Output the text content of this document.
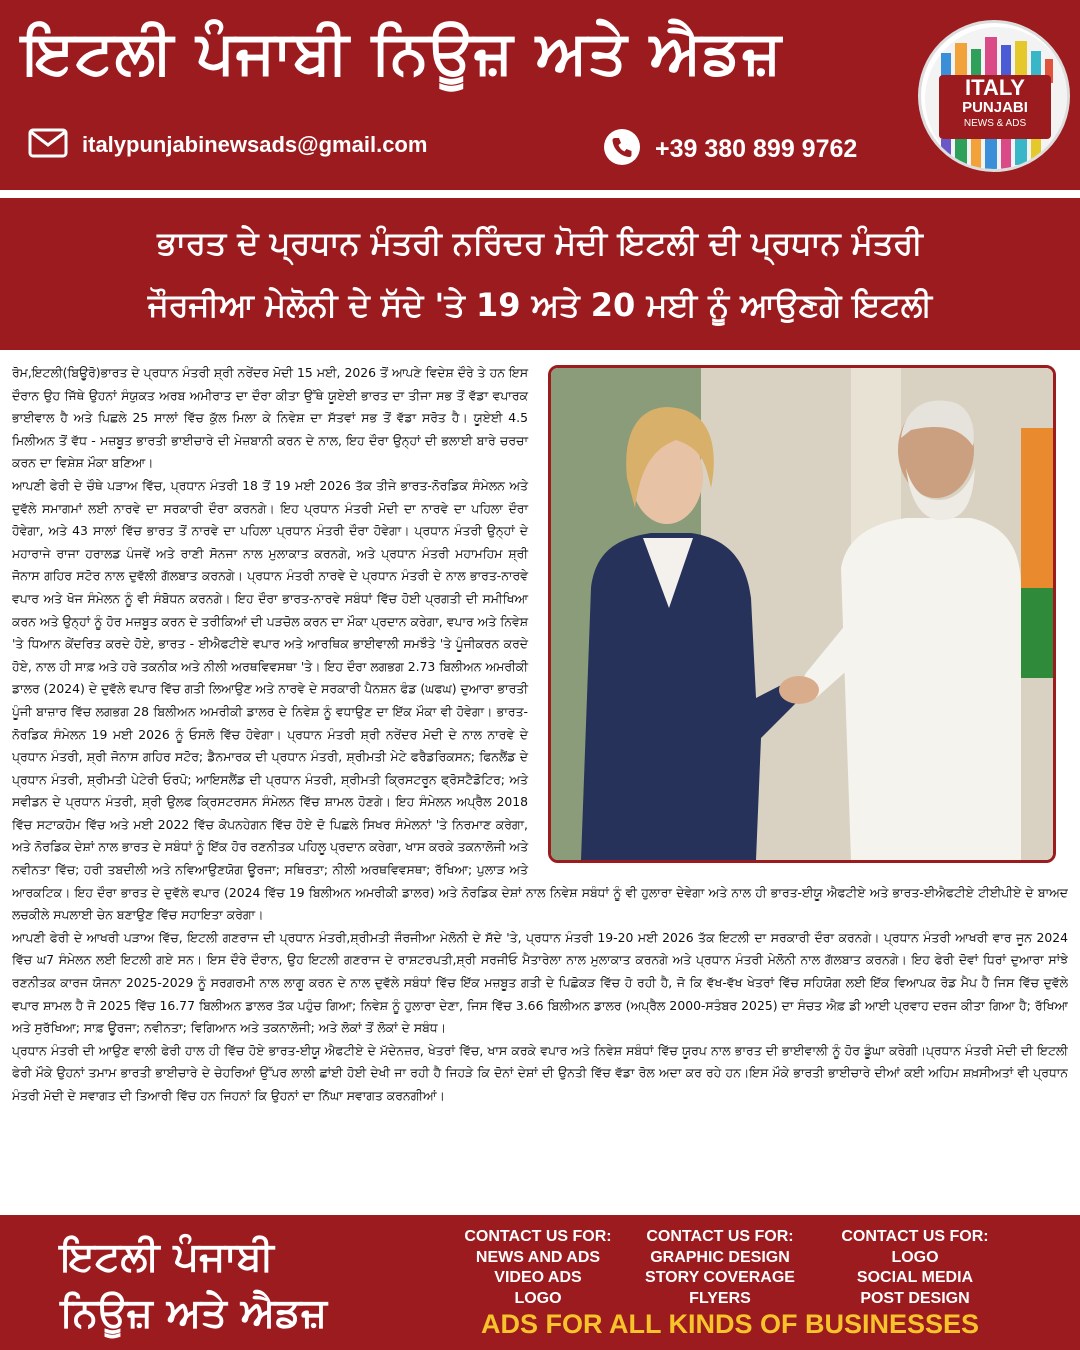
ਇਟਲੀ ਪੰਜਾਬੀ ਨਿਊਜ਼ ਅਤੇ ਐਡਜ਼
italypunjabinewsads@gmail.com	+39 380 899 9762
ITALY
PUNJABI
NEWS & ADS
ਭਾਰਤ ਦੇ ਪ੍ਰਧਾਨ ਮੰਤਰੀ ਨਰਿੰਦਰ ਮੋਦੀ ਇਟਲੀ ਦੀ ਪ੍ਰਧਾਨ ਮੰਤਰੀ
ਜੌਰਜੀਆ ਮੇਲੋਨੀ ਦੇ ਸੱਦੇ 'ਤੇ 19 ਅਤੇ 20 ਮਈ ਨੂੰ ਆਉਣਗੇ ਇਟਲੀ

ਰੋਮ,ਇਟਲੀ(ਬਿਊਰੋ)ਭਾਰਤ ਦੇ ਪ੍ਰਧਾਨ ਮੰਤਰੀ ਸ਼੍ਰੀ ਨਰੇਂਦਰ ਮੋਦੀ 15 ਮਈ, 2026 ਤੋਂ ਆਪਣੇ ਵਿਦੇਸ਼ ਦੌਰੇ ਤੇ ਹਨ ਇਸ ਦੌਰਾਨ ਉਹ ਜਿੱਥੇ ਉਹਨਾਂ ਸੰਯੁਕਤ ਅਰਬ ਅਮੀਰਾਤ ਦਾ ਦੌਰਾ ਕੀਤਾ ਉੱਥੇ ਯੂਏਈ ਭਾਰਤ ਦਾ ਤੀਜਾ ਸਭ ਤੋਂ ਵੱਡਾ ਵਪਾਰਕ ਭਾਈਵਾਲ ਹੈ ਅਤੇ ਪਿਛਲੇ 25 ਸਾਲਾਂ ਵਿੱਚ ਕੁੱਲ ਮਿਲਾ ਕੇ ਨਿਵੇਸ਼ ਦਾ ਸੱਤਵਾਂ ਸਭ ਤੋਂ ਵੱਡਾ ਸਰੋਤ ਹੈ। ਯੂਏਈ 4.5 ਮਿਲੀਅਨ ਤੋਂ ਵੱਧ - ਮਜ਼ਬੂਤ ਭਾਰਤੀ ਭਾਈਚਾਰੇ ਦੀ ਮੇਜ਼ਬਾਨੀ ਕਰਨ ਦੇ ਨਾਲ, ਇਹ ਦੌਰਾ ਉਨ੍ਹਾਂ ਦੀ ਭਲਾਈ ਬਾਰੇ ਚਰਚਾ ਕਰਨ ਦਾ ਵਿਸ਼ੇਸ਼ ਮੌਕਾ ਬਣਿਆ।

ਆਪਣੀ ਫੇਰੀ ਦੇ ਚੌਥੇ ਪੜਾਅ ਵਿੱਚ, ਪ੍ਰਧਾਨ ਮੰਤਰੀ 18 ਤੋਂ 19 ਮਈ 2026 ਤੱਕ ਤੀਜੇ ਭਾਰਤ-ਨੋਰਡਿਕ ਸੰਮੇਲਨ ਅਤੇ ਦੁਵੱਲੇ ਸਮਾਗਮਾਂ ਲਈ ਨਾਰਵੇ ਦਾ ਸਰਕਾਰੀ ਦੌਰਾ ਕਰਨਗੇ। ਇਹ ਪ੍ਰਧਾਨ ਮੰਤਰੀ ਮੋਦੀ ਦਾ ਨਾਰਵੇ ਦਾ ਪਹਿਲਾ ਦੌਰਾ ਹੋਵੇਗਾ, ਅਤੇ 43 ਸਾਲਾਂ ਵਿੱਚ ਭਾਰਤ ਤੋਂ ਨਾਰਵੇ ਦਾ ਪਹਿਲਾ ਪ੍ਰਧਾਨ ਮੰਤਰੀ ਦੌਰਾ ਹੋਵੇਗਾ। ਪ੍ਰਧਾਨ ਮੰਤਰੀ ਉਨ੍ਹਾਂ ਦੇ ਮਹਾਰਾਜੇ ਰਾਜਾ ਹਰਾਲਡ ਪੰਜਵੇਂ ਅਤੇ ਰਾਣੀ ਸੋਨਜਾ ਨਾਲ ਮੁਲਾਕਾਤ ਕਰਨਗੇ, ਅਤੇ ਪ੍ਰਧਾਨ ਮੰਤਰੀ ਮਹਾਮਹਿਮ ਸ਼੍ਰੀ ਜੋਨਾਸ ਗਹਿਰ ਸਟੋਰ ਨਾਲ ਦੁਵੱਲੀ ਗੱਲਬਾਤ ਕਰਨਗੇ। ਪ੍ਰਧਾਨ ਮੰਤਰੀ ਨਾਰਵੇ ਦੇ ਪ੍ਰਧਾਨ ਮੰਤਰੀ ਦੇ ਨਾਲ ਭਾਰਤ-ਨਾਰਵੇ ਵਪਾਰ ਅਤੇ ਖੋਜ ਸੰਮੇਲਨ ਨੂੰ ਵੀ ਸੰਬੋਧਨ ਕਰਨਗੇ। ਇਹ ਦੌਰਾ ਭਾਰਤ-ਨਾਰਵੇ ਸਬੰਧਾਂ ਵਿੱਚ ਹੋਈ ਪ੍ਰਗਤੀ ਦੀ ਸਮੀਖਿਆ ਕਰਨ ਅਤੇ ਉਨ੍ਹਾਂ ਨੂੰ ਹੋਰ ਮਜ਼ਬੂਤ ਕਰਨ ਦੇ ਤਰੀਕਿਆਂ ਦੀ ਪੜਚੋਲ ਕਰਨ ਦਾ ਮੌਕਾ ਪ੍ਰਦਾਨ ਕਰੇਗਾ, ਵਪਾਰ ਅਤੇ ਨਿਵੇਸ਼ 'ਤੇ ਧਿਆਨ ਕੇਂਦਰਿਤ ਕਰਦੇ ਹੋਏ, ਭਾਰਤ - ਈਐਫਟੀਏ ਵਪਾਰ ਅਤੇ ਆਰਥਿਕ ਭਾਈਵਾਲੀ ਸਮਝੌਤੇ 'ਤੇ ਪੂੰਜੀਕਰਨ ਕਰਦੇ ਹੋਏ, ਨਾਲ ਹੀ ਸਾਫ਼ ਅਤੇ ਹਰੇ ਤਕਨੀਕ ਅਤੇ ਨੀਲੀ ਅਰਥਵਿਵਸਥਾ 'ਤੇ। ਇਹ ਦੌਰਾ ਲਗਭਗ 2.73 ਬਿਲੀਅਨ ਅਮਰੀਕੀ ਡਾਲਰ (2024) ਦੇ ਦੁਵੱਲੇ ਵਪਾਰ ਵਿੱਚ ਗਤੀ ਲਿਆਉਣ ਅਤੇ ਨਾਰਵੇ ਦੇ ਸਰਕਾਰੀ ਪੈਨਸ਼ਨ ਫੰਡ (ਘਫਘ) ਦੁਆਰਾ ਭਾਰਤੀ ਪੂੰਜੀ ਬਾਜ਼ਾਰ ਵਿੱਚ ਲਗਭਗ 28 ਬਿਲੀਅਨ ਅਮਰੀਕੀ ਡਾਲਰ ਦੇ ਨਿਵੇਸ਼ ਨੂੰ ਵਧਾਉਣ ਦਾ ਇੱਕ ਮੌਕਾ ਵੀ ਹੋਵੇਗਾ। ਭਾਰਤ-ਨੋਰਡਿਕ ਸੰਮੇਲਨ 19 ਮਈ 2026 ਨੂੰ ਓਸਲੋ ਵਿੱਚ ਹੋਵੇਗਾ। ਪ੍ਰਧਾਨ ਮੰਤਰੀ ਸ਼੍ਰੀ ਨਰੇਂਦਰ ਮੋਦੀ ਦੇ ਨਾਲ ਨਾਰਵੇ ਦੇ ਪ੍ਰਧਾਨ ਮੰਤਰੀ, ਸ਼੍ਰੀ ਜੋਨਾਸ ਗਹਿਰ ਸਟੋਰ; ਡੈਨਮਾਰਕ ਦੀ ਪ੍ਰਧਾਨ ਮੰਤਰੀ, ਸ਼੍ਰੀਮਤੀ ਮੇਟੇ ਫਰੈਡਰਿਕਸਨ; ਫਿਨਲੈਂਡ ਦੇ ਪ੍ਰਧਾਨ ਮੰਤਰੀ, ਸ਼੍ਰੀਮਤੀ ਪੇਟੇਰੀ ਓਰਪੋ; ਆਇਸਲੈਂਡ ਦੀ ਪ੍ਰਧਾਨ ਮੰਤਰੀ, ਸ਼੍ਰੀਮਤੀ ਕ੍ਰਿਸਟਰੂਨ ਫ੍ਰੋਸਟੈਡੋਟਿਰ; ਅਤੇ ਸਵੀਡਨ ਦੇ ਪ੍ਰਧਾਨ ਮੰਤਰੀ, ਸ਼੍ਰੀ ਉਲਫ ਕ੍ਰਿਸਟਰਸਨ ਸੰਮੇਲਨ ਵਿੱਚ ਸ਼ਾਮਲ ਹੋਣਗੇ। ਇਹ ਸੰਮੇਲਨ ਅਪ੍ਰੈਲ 2018 ਵਿੱਚ ਸਟਾਕਹੋਮ ਵਿੱਚ ਅਤੇ ਮਈ 2022 ਵਿੱਚ ਕੋਪਨਹੇਗਨ ਵਿੱਚ ਹੋਏ ਦੋ ਪਿਛਲੇ ਸਿਖਰ ਸੰਮੇਲਨਾਂ 'ਤੇ ਨਿਰਮਾਣ ਕਰੇਗਾ, ਅਤੇ ਨੋਰਡਿਕ ਦੇਸ਼ਾਂ ਨਾਲ ਭਾਰਤ ਦੇ ਸਬੰਧਾਂ ਨੂੰ ਇੱਕ ਹੋਰ ਰਣਨੀਤਕ ਪਹਿਲੂ ਪ੍ਰਦਾਨ ਕਰੇਗਾ, ਖਾਸ ਕਰਕੇ ਤਕਨਾਲੋਜੀ ਅਤੇ ਨਵੀਨਤਾ ਵਿੱਚ; ਹਰੀ ਤਬਦੀਲੀ ਅਤੇ ਨਵਿਆਉਣਯੋਗ ਊਰਜਾ; ਸਥਿਰਤਾ; ਨੀਲੀ ਅਰਥਵਿਵਸਥਾ; ਰੱਖਿਆ; ਪੁਲਾੜ ਅਤੇ ਆਰਕਟਿਕ। ਇਹ ਦੌਰਾ ਭਾਰਤ ਦੇ ਦੁਵੱਲੇ ਵਪਾਰ (2024 ਵਿੱਚ 19 ਬਿਲੀਅਨ ਅਮਰੀਕੀ ਡਾਲਰ) ਅਤੇ ਨੋਰਡਿਕ ਦੇਸ਼ਾਂ ਨਾਲ ਨਿਵੇਸ਼ ਸਬੰਧਾਂ ਨੂੰ ਵੀ ਹੁਲਾਰਾ ਦੇਵੇਗਾ ਅਤੇ ਨਾਲ ਹੀ ਭਾਰਤ-ਈਯੂ ਐਫਟੀਏ ਅਤੇ ਭਾਰਤ-ਈਐਫਟੀਏ ਟੀਈਪੀਏ ਦੇ ਬਾਅਦ ਲਚਕੀਲੇ ਸਪਲਾਈ ਚੇਨ ਬਣਾਉਣ ਵਿੱਚ ਸਹਾਇਤਾ ਕਰੇਗਾ।

ਆਪਣੀ ਫੇਰੀ ਦੇ ਆਖਰੀ ਪੜਾਅ ਵਿੱਚ, ਇਟਲੀ ਗਣਰਾਜ ਦੀ ਪ੍ਰਧਾਨ ਮੰਤਰੀ,ਸ਼੍ਰੀਮਤੀ ਜੌਰਜੀਆ ਮੇਲੋਨੀ ਦੇ ਸੱਦੇ 'ਤੇ, ਪ੍ਰਧਾਨ ਮੰਤਰੀ 19-20 ਮਈ 2026 ਤੱਕ ਇਟਲੀ ਦਾ ਸਰਕਾਰੀ ਦੌਰਾ ਕਰਨਗੇ। ਪ੍ਰਧਾਨ ਮੰਤਰੀ ਆਖਰੀ ਵਾਰ ਜੂਨ 2024 ਵਿੱਚ ਘ7 ਸੰਮੇਲਨ ਲਈ ਇਟਲੀ ਗਏ ਸਨ। ਇਸ ਦੌਰੇ ਦੌਰਾਨ, ਉਹ ਇਟਲੀ ਗਣਰਾਜ ਦੇ ਰਾਸ਼ਟਰਪਤੀ,ਸ਼੍ਰੀ ਸਰਜੀਓ ਮੈਤਾਰੇਲਾ ਨਾਲ ਮੁਲਾਕਾਤ ਕਰਨਗੇ ਅਤੇ ਪ੍ਰਧਾਨ ਮੰਤਰੀ ਮੇਲੋਨੀ ਨਾਲ ਗੱਲਬਾਤ ਕਰਨਗੇ। ਇਹ ਫੇਰੀ ਦੋਵਾਂ ਧਿਰਾਂ ਦੁਆਰਾ ਸਾਂਝੇ ਰਣਨੀਤਕ ਕਾਰਜ ਯੋਜਨਾ 2025-2029 ਨੂੰ ਸਰਗਰਮੀ ਨਾਲ ਲਾਗੂ ਕਰਨ ਦੇ ਨਾਲ ਦੁਵੱਲੇ ਸਬੰਧਾਂ ਵਿੱਚ ਇੱਕ ਮਜ਼ਬੂਤ ਗਤੀ ਦੇ ਪਿਛੋਕੜ ਵਿੱਚ ਹੋ ਰਹੀ ਹੈ, ਜੋ ਕਿ ਵੱਖ-ਵੱਖ ਖੇਤਰਾਂ ਵਿੱਚ ਸਹਿਯੋਗ ਲਈ ਇੱਕ ਵਿਆਪਕ ਰੋਡ ਮੈਪ ਹੈ ਜਿਸ ਵਿੱਚ ਦੁਵੱਲੇ ਵਪਾਰ ਸ਼ਾਮਲ ਹੈ ਜੋ 2025 ਵਿੱਚ 16.77 ਬਿਲੀਅਨ ਡਾਲਰ ਤੱਕ ਪਹੁੰਚ ਗਿਆ; ਨਿਵੇਸ਼ ਨੂੰ ਹੁਲਾਰਾ ਦੇਣਾ, ਜਿਸ ਵਿੱਚ 3.66 ਬਿਲੀਅਨ ਡਾਲਰ (ਅਪ੍ਰੈਲ 2000-ਸਤੰਬਰ 2025) ਦਾ ਸੰਚਤ ਐਫ਼ ਡੀ ਆਈ ਪ੍ਰਵਾਹ ਦਰਜ ਕੀਤਾ ਗਿਆ ਹੈ; ਰੱਖਿਆ ਅਤੇ ਸੁਰੱਖਿਆ; ਸਾਫ਼ ਊਰਜਾ; ਨਵੀਨਤਾ; ਵਿਗਿਆਨ ਅਤੇ ਤਕਨਾਲੋਜੀ; ਅਤੇ ਲੋਕਾਂ ਤੋਂ ਲੋਕਾਂ ਦੇ ਸਬੰਧ।

ਪ੍ਰਧਾਨ ਮੰਤਰੀ ਦੀ ਆਉਣ ਵਾਲੀ ਫੇਰੀ ਹਾਲ ਹੀ ਵਿੱਚ ਹੋਏ ਭਾਰਤ-ਈਯੂ ਐਫਟੀਏ ਦੇ ਮੱਦੇਨਜ਼ਰ, ਖੇਤਰਾਂ ਵਿੱਚ, ਖਾਸ ਕਰਕੇ ਵਪਾਰ ਅਤੇ ਨਿਵੇਸ਼ ਸਬੰਧਾਂ ਵਿੱਚ ਯੂਰਪ ਨਾਲ ਭਾਰਤ ਦੀ ਭਾਈਵਾਲੀ ਨੂੰ ਹੋਰ ਡੂੰਘਾ ਕਰੇਗੀ।ਪ੍ਰਧਾਨ ਮੰਤਰੀ ਮੋਦੀ ਦੀ ਇਟਲੀ ਫੇਰੀ ਮੌਕੇ ਉਹਨਾਂ ਤਮਾਮ ਭਾਰਤੀ ਭਾਈਚਾਰੇ ਦੇ ਚੇਹਰਿਆਂ ਉੱਪਰ ਲਾਲੀ ਛਾਂਈ ਹੋਈ ਦੇਖੀ ਜਾ ਰਹੀ ਹੈ ਜਿਹੜੇ ਕਿ ਦੋਨਾਂ ਦੇਸ਼ਾਂ ਦੀ ਉਨਤੀ ਵਿੱਚ ਵੱਡਾ ਰੋਲ ਅਦਾ ਕਰ ਰਹੇ ਹਨ।ਇਸ ਮੌਕੇ ਭਾਰਤੀ ਭਾਈਚਾਰੇ ਦੀਆਂ ਕਈ ਅਹਿਮ ਸ਼ਖ਼ਸੀਅਤਾਂ ਵੀ ਪ੍ਰਧਾਨ ਮੰਤਰੀ ਮੋਦੀ ਦੇ ਸਵਾਗਤ ਦੀ ਤਿਆਰੀ ਵਿੱਚ ਹਨ ਜਿਹਨਾਂ ਕਿ ਉਹਨਾਂ ਦਾ ਨਿੱਘਾ ਸਵਾਗਤ ਕਰਨਗੀਆਂ।

ਇਟਲੀ ਪੰਜਾਬੀ
ਨਿਊਜ਼ ਅਤੇ ਐਡਜ਼
CONTACT US FOR:
NEWS AND ADS
VIDEO ADS
LOGO
CONTACT US FOR:
GRAPHIC DESIGN
STORY COVERAGE
FLYERS
CONTACT US FOR:
LOGO
SOCIAL MEDIA
POST DESIGN
ADS FOR ALL KINDS OF BUSINESSES
